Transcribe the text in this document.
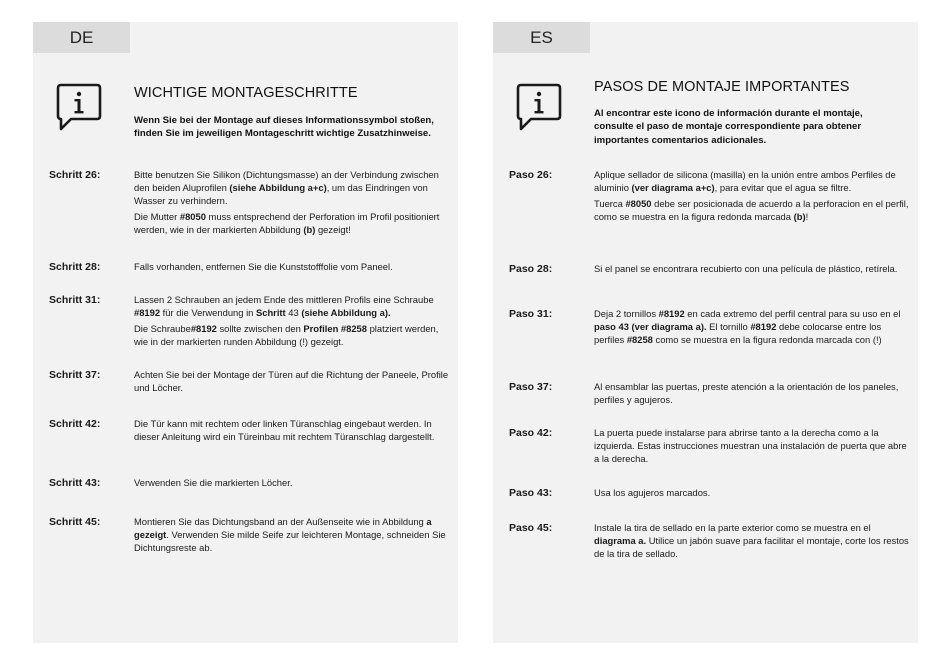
DE
WICHTIGE MONTAGESCHRITTE
Wenn Sie bei der Montage auf dieses Informationssymbol stoßen, finden Sie im jeweiligen Montageschritt wichtige Zusatzhinweise.
Schritt 26:	Bitte benutzen Sie Silikon (Dichtungsmasse) an der Verbindung zwischen den beiden Aluprofilen (siehe Abbildung a+c), um das Eindringen von Wasser zu verhindern.

Die Mutter #8050 muss entsprechend der Perforation im Profil positioniert werden, wie in der markierten Abbildung (b) gezeigt!

Schritt 28:	Falls vorhanden, entfernen Sie die Kunststofffolie vom Paneel.

Schritt 31:	Lassen 2 Schrauben an jedem Ende des mittleren Profils eine Schraube #8192 für die Verwendung in Schritt 43 (siehe Abbildung a).

Die Schraube#8192 sollte zwischen den Profilen #8258 platziert werden, wie in der markierten runden Abbildung (!) gezeigt.

Schritt 37:	Achten Sie bei der Montage der Türen auf die Richtung der Paneele, Profile und Löcher.

Schritt 42:	Die Tür kann mit rechtem oder linken Türanschlag eingebaut werden. In dieser Anleitung wird ein Türeinbau mit rechtem Türanschlag dargestellt.

Schritt 43:	Verwenden Sie die markierten Löcher.

Schritt 45:	Montieren Sie das Dichtungsband an der Außenseite wie in Abbildung a gezeigt. Verwenden Sie milde Seife zur leichteren Montage, schneiden Sie Dichtungsreste ab.

ES
PASOS DE MONTAJE IMPORTANTES
Al encontrar este icono de información durante el montaje, consulte el paso de montaje correspondiente para obtener importantes comentarios adicionales.
Paso 26:	Aplique sellador de silicona (masilla) en la unión entre ambos Perfiles de aluminio (ver diagrama a+c), para evitar que el agua se filtre.

Tuerca #8050 debe ser posicionada de acuerdo a la perforacion en el perfil, como se muestra en la figura redonda marcada (b)!

Paso 28:	Si el panel se encontrara recubierto con una película de plástico, retírela.

Paso 31:	Deja 2 tornillos #8192 en cada extremo del perfil central para su uso en el paso 43 (ver diagrama a). El tornillo #8192 debe colocarse entre los perfiles #8258 como se muestra en la figura redonda marcada con (!)

Paso 37:	Al ensamblar las puertas, preste atención a la orientación de los paneles, perfiles y agujeros.

Paso 42:	La puerta puede instalarse para abrirse tanto a la derecha como a la izquierda. Estas instrucciones muestran una instalación de puerta que abre a la derecha.

Paso 43:	Usa los agujeros marcados.

Paso 45:	Instale la tira de sellado en la parte exterior como se muestra en el diagrama a. Utilice un jabón suave para facilitar el montaje, corte los restos de la tira de sellado.
